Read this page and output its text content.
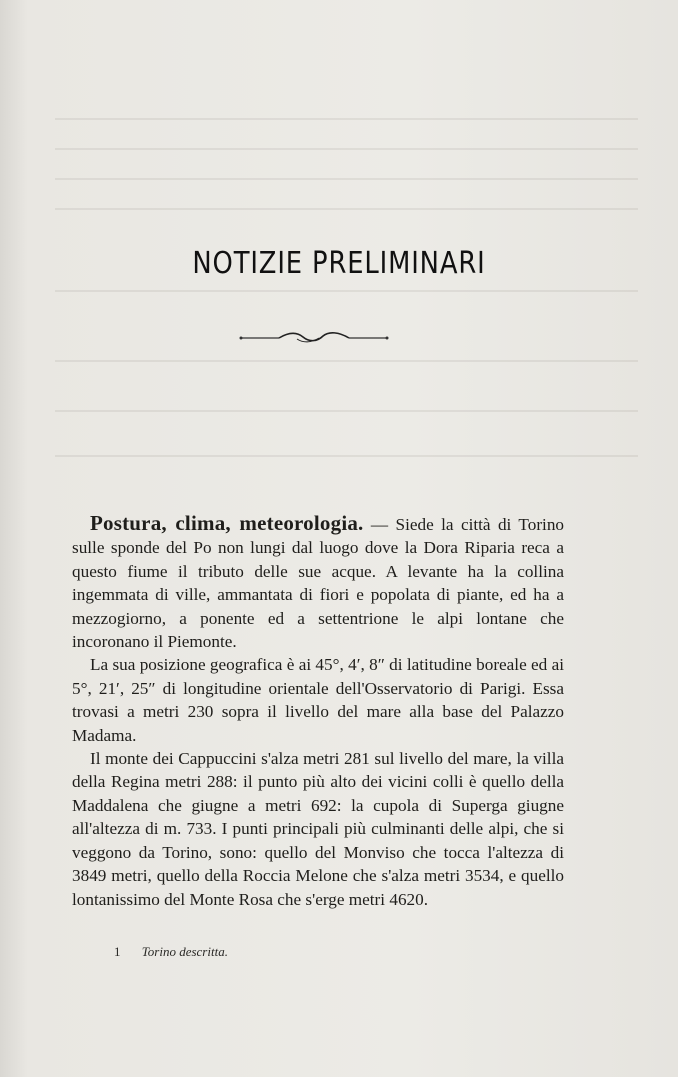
NOTIZIE PRELIMINARI

Postura, clima, meteorologia. — Siede la città di Torino sulle sponde del Po non lungi dal luogo dove la Dora Riparia reca a questo fiume il tributo delle sue acque. A levante ha la collina ingemmata di ville, ammantata di fiori e popolata di piante, ed ha a mezzogiorno, a ponente ed a settentrione le alpi lontane che incoronano il Piemonte.

La sua posizione geografica è ai 45°, 4′, 8″ di latitudine boreale ed ai 5°, 21′, 25″ di longitudine orientale dell'Osservatorio di Parigi. Essa trovasi a metri 230 sopra il livello del mare alla base del Palazzo Madama.

Il monte dei Cappuccini s'alza metri 281 sul livello del mare, la villa della Regina metri 288: il punto più alto dei vicini colli è quello della Maddalena che giugne a metri 692: la cupola di Superga giugne all'altezza di m. 733. I punti principali più culminanti delle alpi, che si veggono da Torino, sono: quello del Monviso che tocca l'altezza di 3849 metri, quello della Roccia Melone che s'alza metri 3534, e quello lontanissimo del Monte Rosa che s'erge metri 4620.

1 Torino descritta.
